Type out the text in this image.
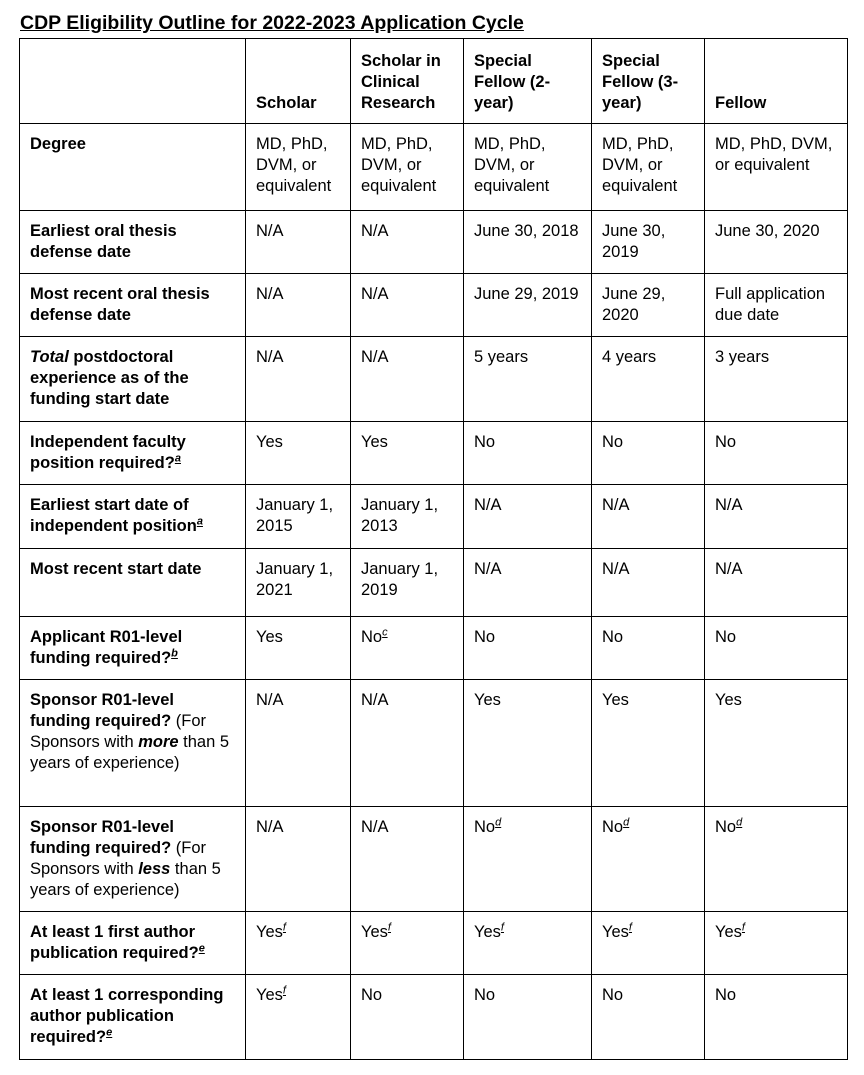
CDP Eligibility Outline for 2022-2023 Application Cycle
	Scholar	Scholar in Clinical Research	Special Fellow (2-year)	Special Fellow (3-year)	Fellow
Degree	MD, PhD, DVM, or equivalent	MD, PhD, DVM, or equivalent	MD, PhD, DVM, or equivalent	MD, PhD, DVM, or equivalent	MD, PhD, DVM, or equivalent
Earliest oral thesis defense date	N/A	N/A	June 30, 2018	June 30, 2019	June 30, 2020
Most recent oral thesis defense date	N/A	N/A	June 29, 2019	June 29, 2020	Full application due date
Total postdoctoral experience as of the funding start date	N/A	N/A	5 years	4 years	3 years
Independent faculty position required?$^a$	Yes	Yes	No	No	No
Earliest start date of independent position$^a$	January 1, 2015	January 1, 2013	N/A	N/A	N/A
Most recent start date	January 1, 2021	January 1, 2019	N/A	N/A	N/A
Applicant R01-level funding required?$^b$	Yes	No$^c$	No	No	No
Sponsor R01-level funding required? (For Sponsors with more than 5 years of experience)	N/A	N/A	Yes	Yes	Yes
Sponsor R01-level funding required? (For Sponsors with less than 5 years of experience)	N/A	N/A	No$^d$	No$^d$	No$^d$
At least 1 first author publication required?$^e$	Yes$^f$	Yes$^f$	Yes$^f$	Yes$^f$	Yes$^f$
At least 1 corresponding author publication required?$^e$	Yes$^f$	No	No	No	No
